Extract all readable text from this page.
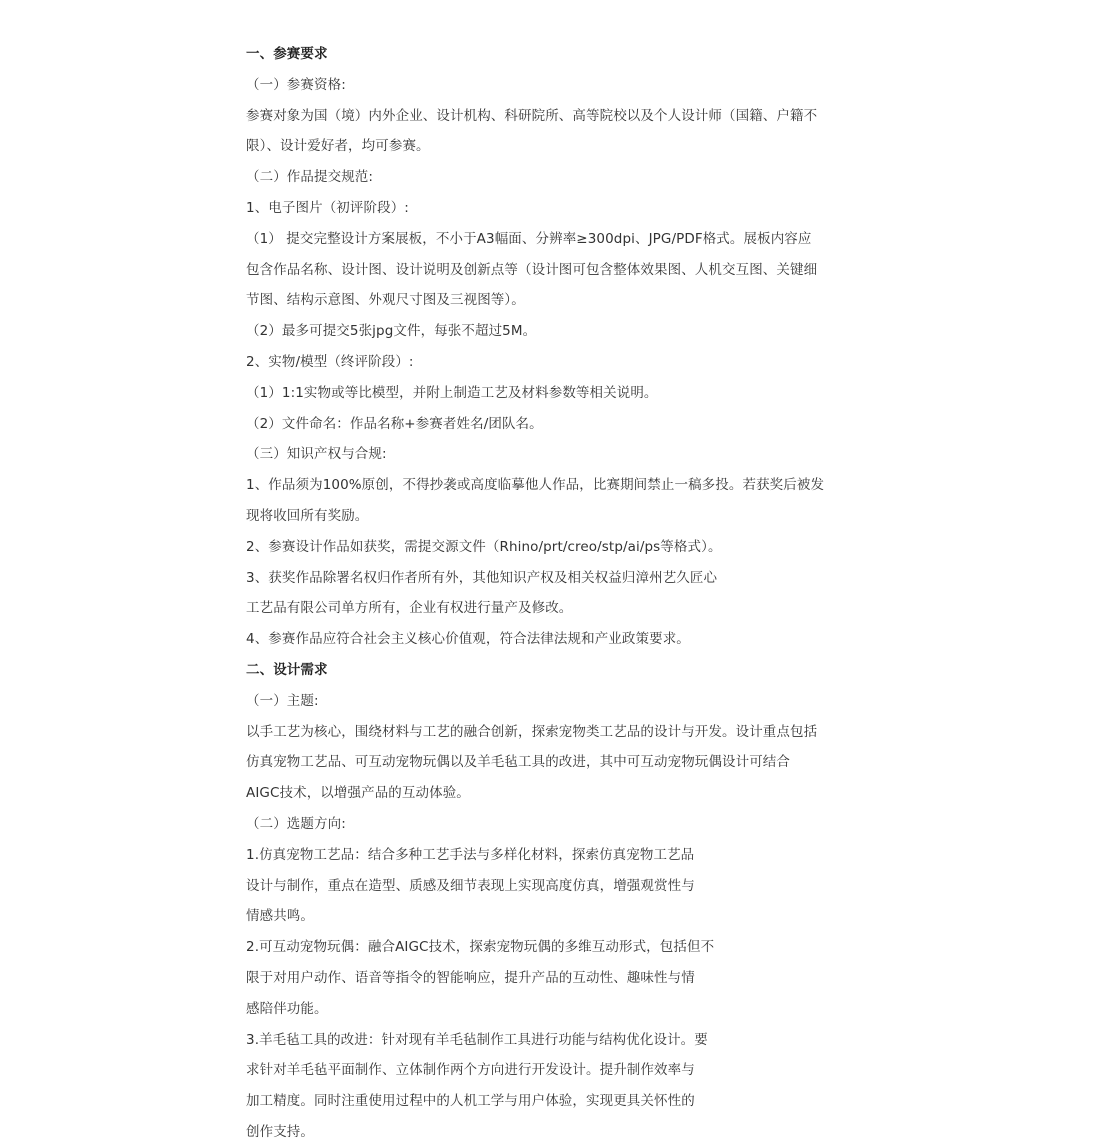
一、参赛要求
（一）参赛资格:
参赛对象为国（境）内外企业、设计机构、科研院所、高等院校以及个人设计师（国籍、户籍不
限）、设计爱好者，均可参赛。
（二）作品提交规范:
1、电子图片（初评阶段）:
（1） 提交完整设计方案展板，不小于A3幅面、分辨率≥300dpi、JPG/PDF格式。展板内容应
包含作品名称、设计图、设计说明及创新点等（设计图可包含整体效果图、人机交互图、关键细
节图、结构示意图、外观尺寸图及三视图等）。
（2）最多可提交5张jpg文件，每张不超过5M。
2、实物/模型（终评阶段）:
（1）1:1实物或等比模型，并附上制造工艺及材料参数等相关说明。
（2）文件命名：作品名称+参赛者姓名/团队名。
（三）知识产权与合规:
1、作品须为100%原创，不得抄袭或高度临摹他人作品，比赛期间禁止一稿多投。若获奖后被发
现将收回所有奖励。
2、参赛设计作品如获奖，需提交源文件（Rhino/prt/creo/stp/ai/ps等格式）。
3、获奖作品除署名权归作者所有外，其他知识产权及相关权益归漳州艺久匠心
工艺品有限公司单方所有，企业有权进行量产及修改。
4、参赛作品应符合社会主义核心价值观，符合法律法规和产业政策要求。
二、设计需求
（一）主题:
以手工艺为核心，围绕材料与工艺的融合创新，探索宠物类工艺品的设计与开发。设计重点包括
仿真宠物工艺品、可互动宠物玩偶以及羊毛毡工具的改进，其中可互动宠物玩偶设计可结合
AIGC技术，以增强产品的互动体验。
（二）选题方向:
1.仿真宠物工艺品：结合多种工艺手法与多样化材料，探索仿真宠物工艺品
设计与制作，重点在造型、质感及细节表现上实现高度仿真，增强观赏性与
情感共鸣。
2.可互动宠物玩偶：融合AIGC技术，探索宠物玩偶的多维互动形式，包括但不
限于对用户动作、语音等指令的智能响应，提升产品的互动性、趣味性与情
感陪伴功能。
3.羊毛毡工具的改进：针对现有羊毛毡制作工具进行功能与结构优化设计。要
求针对羊毛毡平面制作、立体制作两个方向进行开发设计。提升制作效率与
加工精度。同时注重使用过程中的人机工学与用户体验，实现更具关怀性的
创作支持。
